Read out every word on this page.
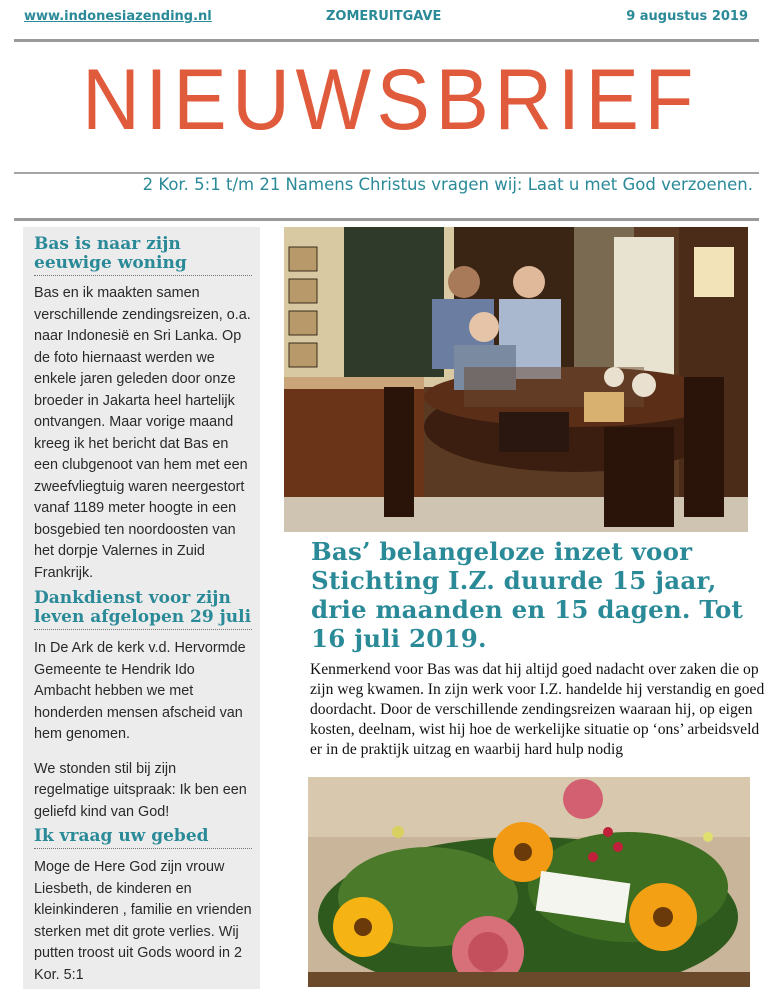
www.indonesiazending.nl	ZOMERUITGAVE	9 augustus 2019
NIEUWSBRIEF
2 Kor. 5:1 t/m 21 Namens Christus vragen wij: Laat u met God verzoenen.
Bas is naar zijn eeuwige woning

Bas en ik maakten samen verschillende zendingsreizen, o.a. naar Indonesië en Sri Lanka. Op de foto hiernaast werden we enkele jaren geleden door onze broeder in Jakarta heel hartelijk ontvangen. Maar vorige maand kreeg ik het bericht dat Bas en een clubgenoot van hem met een zweefvliegtuig waren neergestort vanaf 1189 meter hoogte in een bosgebied ten noordoosten van het dorpje Valernes in Zuid Frankrijk.

Dankdienst voor zijn leven afgelopen 29 juli

In De Ark de kerk v.d. Hervormde Gemeente te Hendrik Ido Ambacht hebben we met honderden mensen afscheid van hem genomen.

We stonden stil bij zijn regelmatige uitspraak: Ik ben een geliefd kind van God!

Ik vraag uw gebed

Moge de Here God zijn vrouw Liesbeth, de kinderen en kleinkinderen , familie en vrienden sterken met dit grote verlies. Wij putten troost uit Gods woord in 2 Kor. 5:1

Bas’ belangeloze inzet voor Stichting I.Z. duurde 15 jaar, drie maanden en 15 dagen. Tot 16 juli 2019.
Kenmerkend voor Bas was dat hij altijd goed nadacht over zaken die op zijn weg kwamen. In zijn werk voor I.Z. handelde hij verstandig en goed doordacht. Door de verschillende zendingsreizen waaraan hij, op eigen kosten, deelnam, wist hij hoe de werkelijke situatie op ‘ons’ arbeidsveld er in de praktijk uitzag en waarbij hard hulp nodig
